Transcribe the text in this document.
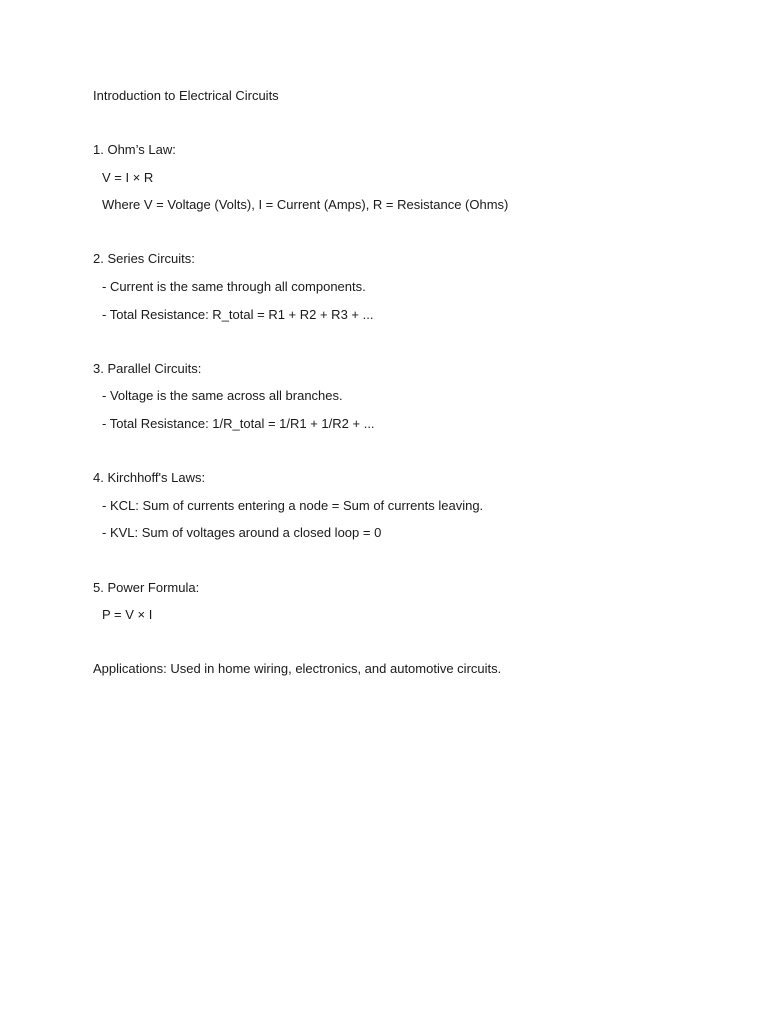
Introduction to Electrical Circuits
1. Ohm’s Law:
V = I × R
Where V = Voltage (Volts), I = Current (Amps), R = Resistance (Ohms)
2. Series Circuits:
- Current is the same through all components.
- Total Resistance: R_total = R1 + R2 + R3 + ...
3. Parallel Circuits:
- Voltage is the same across all branches.
- Total Resistance: 1/R_total = 1/R1 + 1/R2 + ...
4. Kirchhoff's Laws:
- KCL: Sum of currents entering a node = Sum of currents leaving.
- KVL: Sum of voltages around a closed loop = 0
5. Power Formula:
P = V × I
Applications: Used in home wiring, electronics, and automotive circuits.
